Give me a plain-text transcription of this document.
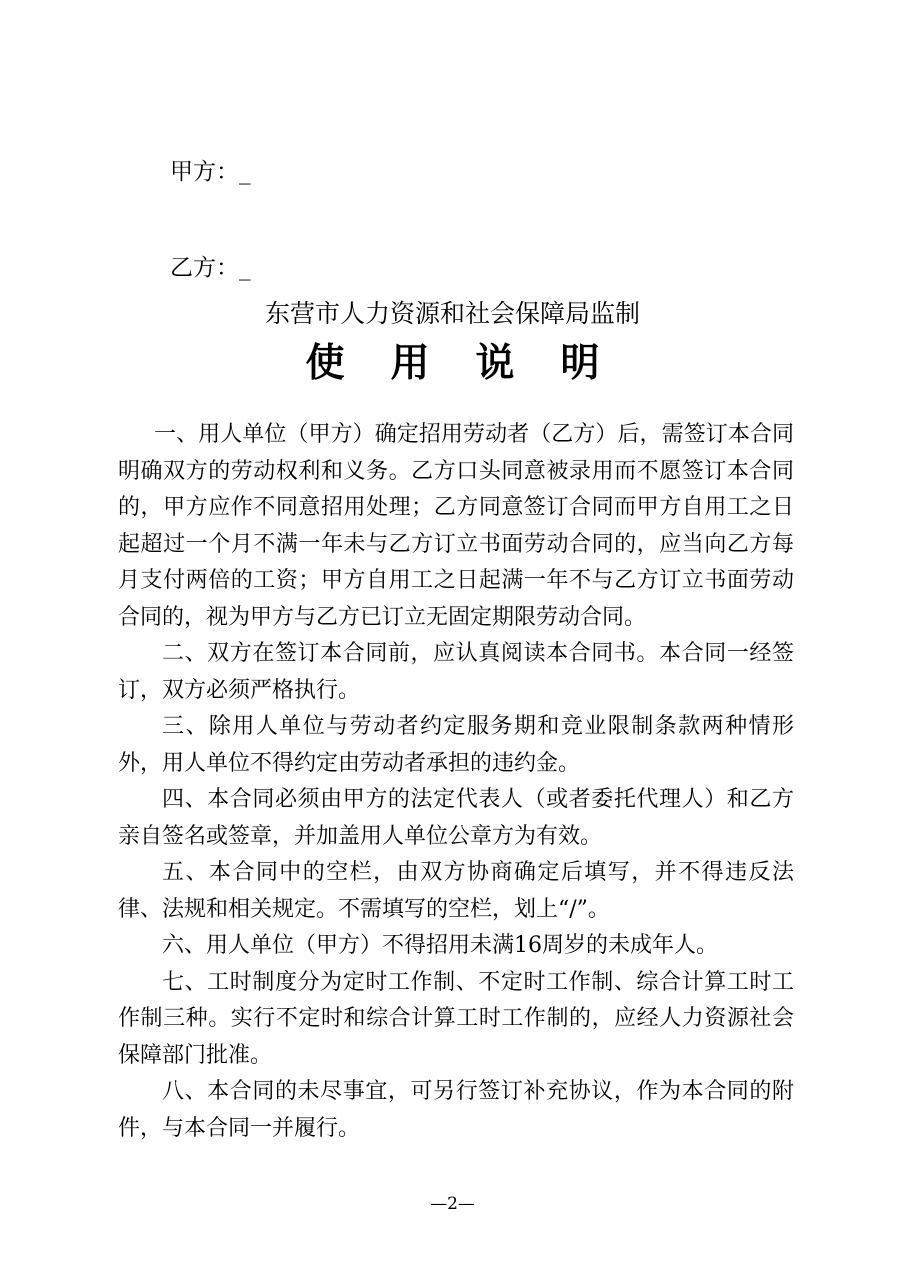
甲方：_
乙方：_
东营市人力资源和社会保障局监制
使用说明

一、用人单位（甲方）确定招用劳动者（乙方）后，需签订本合同明确双方的劳动权利和义务。乙方口头同意被录用而不愿签订本合同的，甲方应作不同意招用处理；乙方同意签订合同而甲方自用工之日起超过一个月不满一年未与乙方订立书面劳动合同的，应当向乙方每月支付两倍的工资；甲方自用工之日起满一年不与乙方订立书面劳动合同的，视为甲方与乙方已订立无固定期限劳动合同。

二、双方在签订本合同前，应认真阅读本合同书。本合同一经签订，双方必须严格执行。

三、除用人单位与劳动者约定服务期和竞业限制条款两种情形外，用人单位不得约定由劳动者承担的违约金。

四、本合同必须由甲方的法定代表人（或者委托代理人）和乙方亲自签名或签章，并加盖用人单位公章方为有效。

五、本合同中的空栏，由双方协商确定后填写，并不得违反法律、法规和相关规定。不需填写的空栏，划上“/”。

六、用人单位（甲方）不得招用未满16周岁的未成年人。

七、工时制度分为定时工作制、不定时工作制、综合计算工时工作制三种。实行不定时和综合计算工时工作制的，应经人力资源社会保障部门批准。

八、本合同的未尽事宜，可另行签订补充协议，作为本合同的附件，与本合同一并履行。

—2—
